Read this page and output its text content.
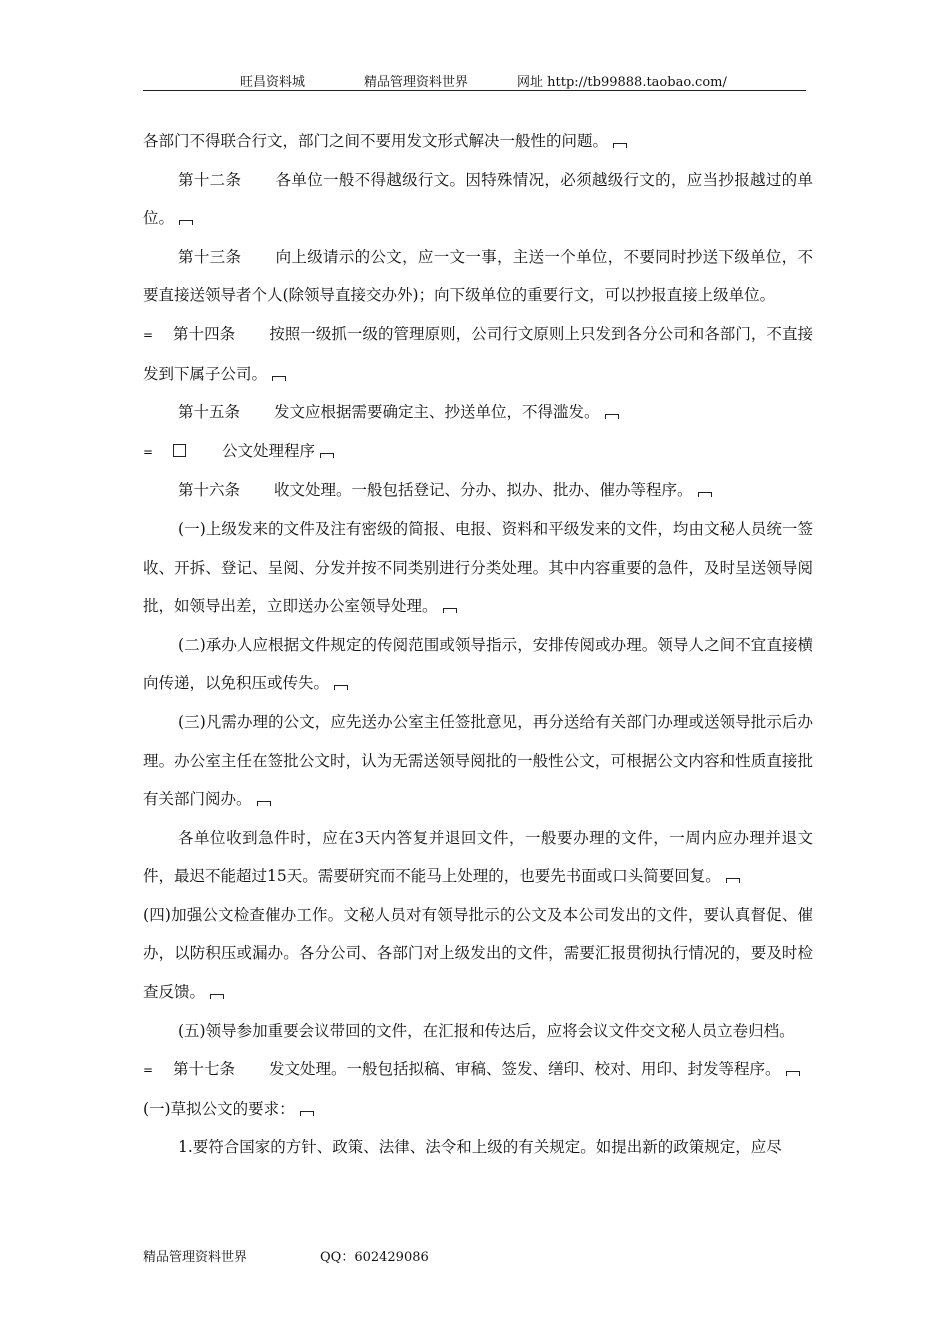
旺昌资料城	精品管理资料世界	网址 http://tb99888.taobao.com/

各部门不得联合行文，部门之间不要用发文形式解决一般性的问题。

第十二条 各单位一般不得越级行文。因特殊情况，必须越级行文的，应当抄报越过的单位。

第十三条 向上级请示的公文，应一文一事，主送一个单位，不要同时抄送下级单位，不要直接送领导者个人(除领导直接交办外)；向下级单位的重要行文，可以抄报直接上级单位。

= 第十四条 按照一级抓一级的管理原则，公司行文原则上只发到各分公司和各部门，不直接发到下属子公司。

第十五条 发文应根据需要确定主、抄送单位，不得滥发。

=	公文处理程序

第十六条 收文处理。一般包括登记、分办、拟办、批办、催办等程序。

(一)上级发来的文件及注有密级的简报、电报、资料和平级发来的文件，均由文秘人员统一签收、开拆、登记、呈阅、分发并按不同类别进行分类处理。其中内容重要的急件，及时呈送领导阅批，如领导出差，立即送办公室领导处理。

(二)承办人应根据文件规定的传阅范围或领导指示，安排传阅或办理。领导人之间不宜直接横向传递，以免积压或传失。

(三)凡需办理的公文，应先送办公室主任签批意见，再分送给有关部门办理或送领导批示后办理。办公室主任在签批公文时，认为无需送领导阅批的一般性公文，可根据公文内容和性质直接批有关部门阅办。

各单位收到急件时，应在3天内答复并退回文件，一般要办理的文件，一周内应办理并退文件，最迟不能超过15天。需要研究而不能马上处理的，也要先书面或口头简要回复。

(四)加强公文检查催办工作。文秘人员对有领导批示的公文及本公司发出的文件，要认真督促、催办，以防积压或漏办。各分公司、各部门对上级发出的文件，需要汇报贯彻执行情况的，要及时检查反馈。

(五)领导参加重要会议带回的文件，在汇报和传达后，应将会议文件交文秘人员立卷归档。

= 第十七条 发文处理。一般包括拟稿、审稿、签发、缮印、校对、用印、封发等程序。

(一)草拟公文的要求：

1.要符合国家的方针、政策、法律、法令和上级的有关规定。如提出新的政策规定，应尽

精品管理资料世界	QQ：602429086
